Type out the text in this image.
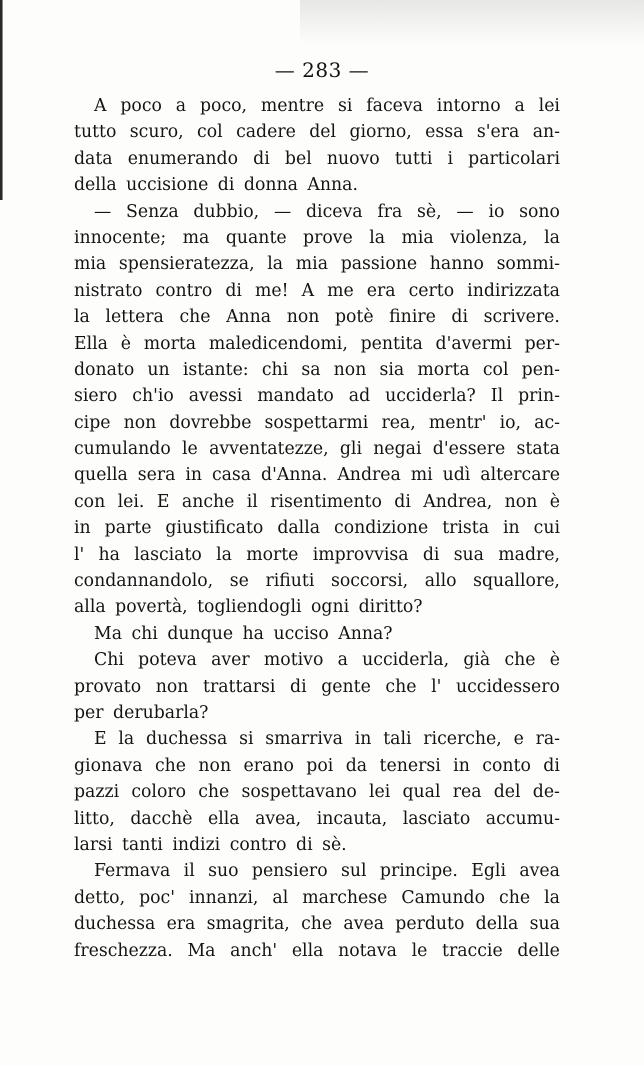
— 283 —
A poco a poco, mentre si faceva intorno a lei
tutto scuro, col cadere del giorno, essa s'era an-
data enumerando di bel nuovo tutti i particolari
della uccisione di donna Anna.
— Senza dubbio, — diceva fra sè, — io sono
innocente; ma quante prove la mia violenza, la
mia spensieratezza, la mia passione hanno sommi-
nistrato contro di me! A me era certo indirizzata
la lettera che Anna non potè finire di scrivere.
Ella è morta maledicendomi, pentita d'avermi per-
donato un istante: chi sa non sia morta col pen-
siero ch'io avessi mandato ad ucciderla? Il prin-
cipe non dovrebbe sospettarmi rea, mentr' io, ac-
cumulando le avventatezze, gli negai d'essere stata
quella sera in casa d'Anna. Andrea mi udì altercare
con lei. E anche il risentimento di Andrea, non è
in parte giustificato dalla condizione trista in cui
l' ha lasciato la morte improvvisa di sua madre,
condannandolo, se rifiuti soccorsi, allo squallore,
alla povertà, togliendogli ogni diritto?
Ma chi dunque ha ucciso Anna?
Chi poteva aver motivo a ucciderla, già che è
provato non trattarsi di gente che l' uccidessero
per derubarla?
E la duchessa si smarriva in tali ricerche, e ra-
gionava che non erano poi da tenersi in conto di
pazzi coloro che sospettavano lei qual rea del de-
litto, dacchè ella avea, incauta, lasciato accumu-
larsi tanti indizi contro di sè.
Fermava il suo pensiero sul principe. Egli avea
detto, poc' innanzi, al marchese Camundo che la
duchessa era smagrita, che avea perduto della sua
freschezza. Ma anch' ella notava le traccie delle
